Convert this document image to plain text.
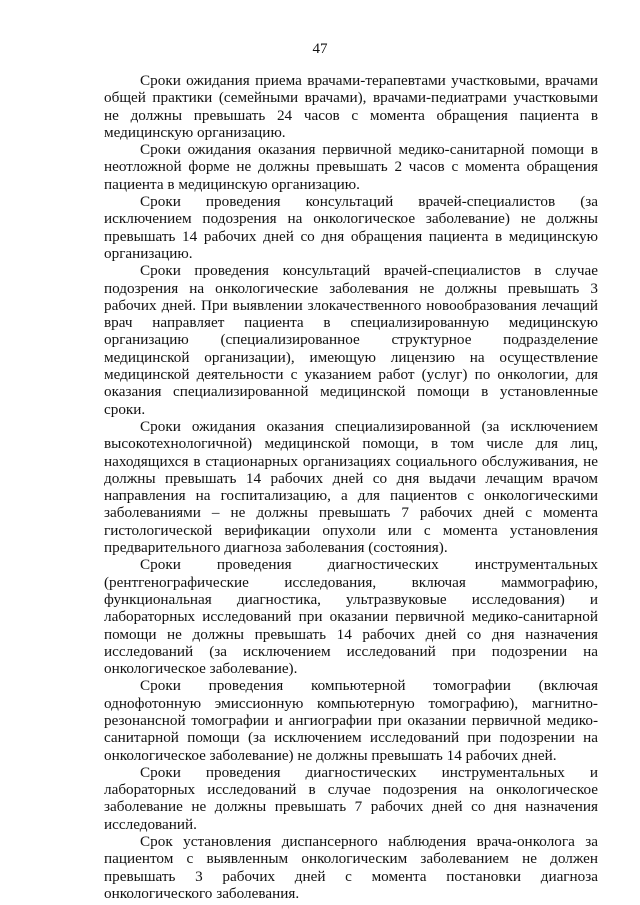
47

Сроки ожидания приема врачами-терапевтами участковыми, врачами общей практики (семейными врачами), врачами-педиатрами участковыми не должны превышать 24 часов с момента обращения пациента в медицинскую организацию.

Сроки ожидания оказания первичной медико-санитарной помощи в неотложной форме не должны превышать 2 часов с момента обращения пациента в медицинскую организацию.

Сроки проведения консультаций врачей-специалистов (за исключением подозрения на онкологическое заболевание) не должны превышать 14 рабочих дней со дня обращения пациента в медицинскую организацию.

Сроки проведения консультаций врачей-специалистов в случае подозрения на онкологические заболевания не должны превышать 3 рабочих дней. При выявлении злокачественного новообразования лечащий врач направляет пациента в специализированную медицинскую организацию (специализированное структурное подразделение медицинской организации), имеющую лицензию на осуществление медицинской деятельности с указанием работ (услуг) по онкологии, для оказания специализированной медицинской помощи в установленные сроки.

Сроки ожидания оказания специализированной (за исключением высокотехнологичной) медицинской помощи, в том числе для лиц, находящихся в стационарных организациях социального обслуживания, не должны превышать 14 рабочих дней со дня выдачи лечащим врачом направления на госпитализацию, а для пациентов с онкологическими заболеваниями – не должны превышать 7 рабочих дней с момента гистологической верификации опухоли или с момента установления предварительного диагноза заболевания (состояния).

Сроки проведения диагностических инструментальных (рентгенографические исследования, включая маммографию, функциональная диагностика, ультразвуковые исследования) и лабораторных исследований при оказании первичной медико-санитарной помощи не должны превышать 14 рабочих дней со дня назначения исследований (за исключением исследований при подозрении на онкологическое заболевание).

Сроки проведения компьютерной томографии (включая однофотонную эмиссионную компьютерную томографию), магнитно-резонансной томографии и ангиографии при оказании первичной медико-санитарной помощи (за исключением исследований при подозрении на онкологическое заболевание) не должны превышать 14 рабочих дней.

Сроки проведения диагностических инструментальных и лабораторных исследований в случае подозрения на онкологическое заболевание не должны превышать 7 рабочих дней со дня назначения исследований.

Срок установления диспансерного наблюдения врача-онколога за пациентом с выявленным онкологическим заболеванием не должен превышать 3 рабочих дней с момента постановки диагноза онкологического заболевания.
